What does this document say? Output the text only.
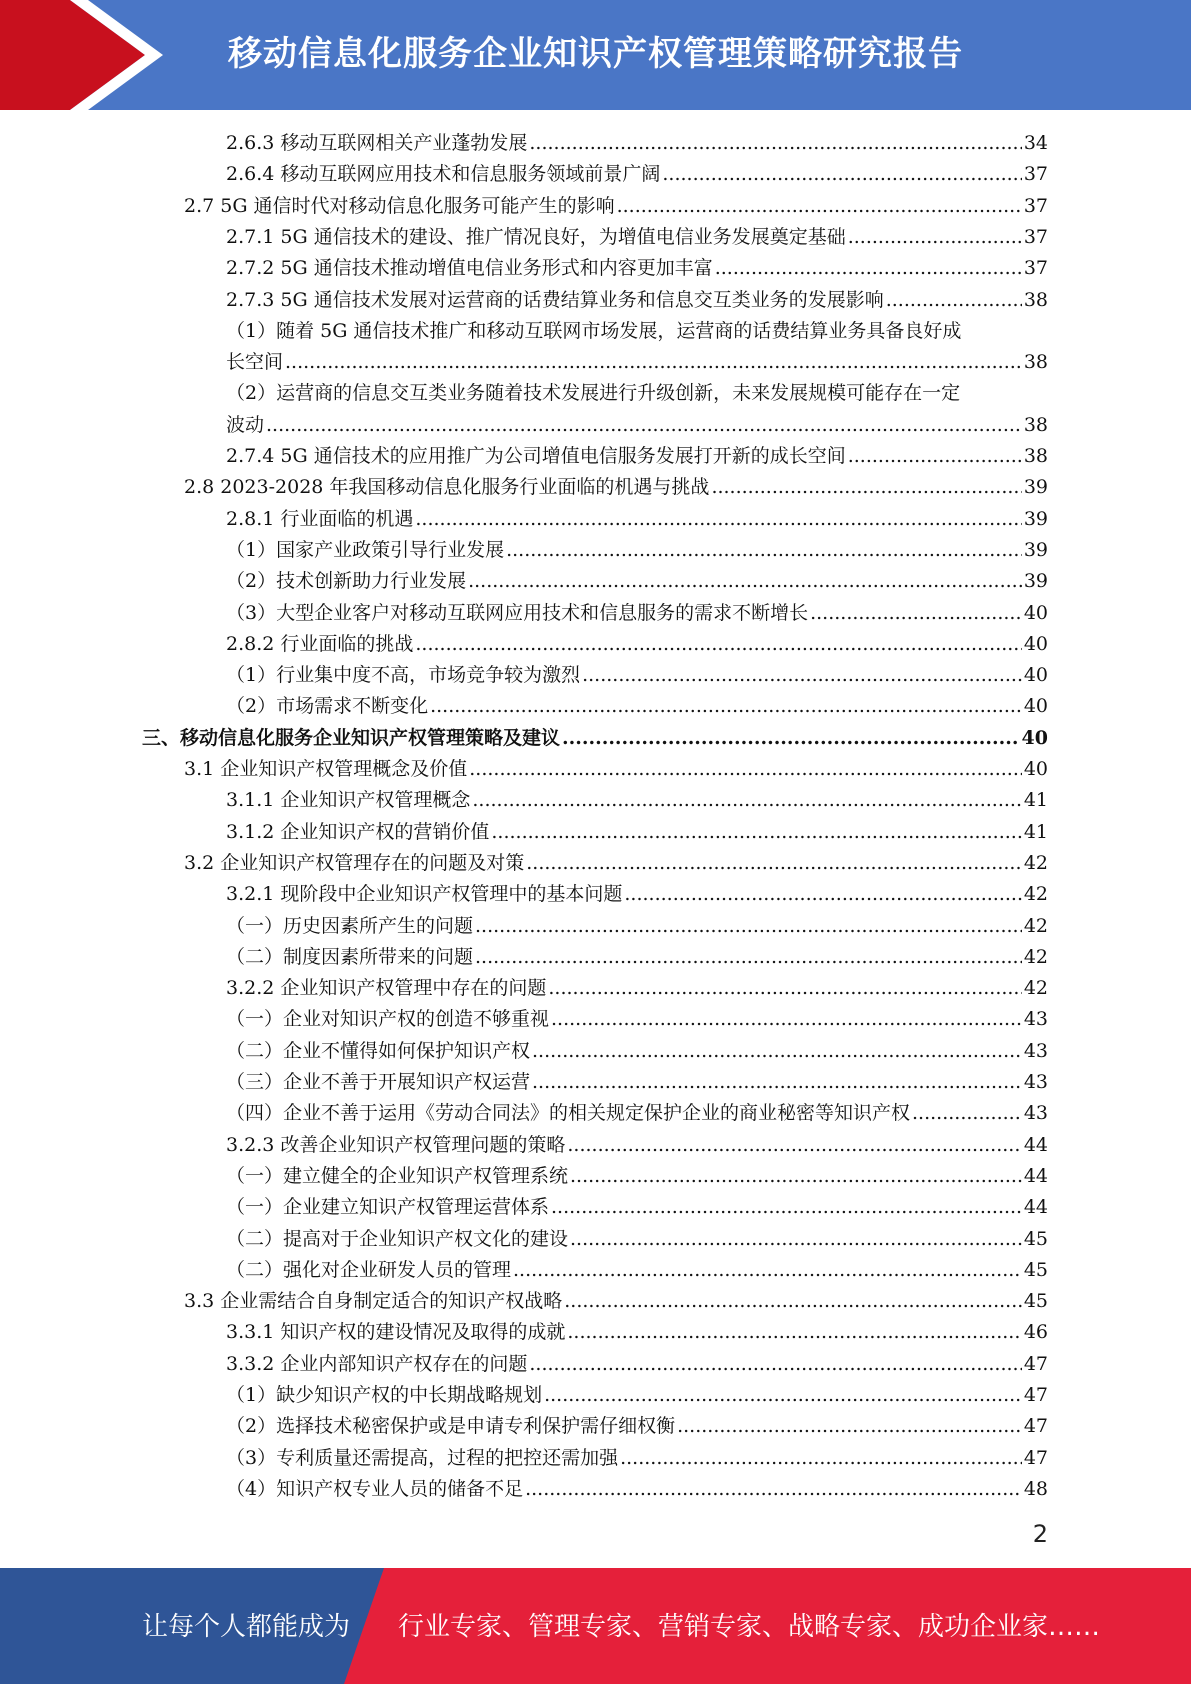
移动信息化服务企业知识产权管理策略研究报告
2.6.3 移动互联网相关产业蓬勃发展 .....	34
2.6.4 移动互联网应用技术和信息服务领域前景广阔 .....	37
2.7 5G 通信时代对移动信息化服务可能产生的影响 .....	37
2.7.1 5G 通信技术的建设、推广情况良好，为增值电信业务发展奠定基础 .....	37
2.7.2 5G 通信技术推动增值电信业务形式和内容更加丰富 .....	37
2.7.3 5G 通信技术发展对运营商的话费结算业务和信息交互类业务的发展影响 .....	38
（1）随着 5G 通信技术推广和移动互联网市场发展，运营商的话费结算业务具备良好成
长空间 .....	38
（2）运营商的信息交互类业务随着技术发展进行升级创新，未来发展规模可能存在一定
波动 .....	38
2.7.4 5G 通信技术的应用推广为公司增值电信服务发展打开新的成长空间 .....	38
2.8 2023-2028 年我国移动信息化服务行业面临的机遇与挑战 .....	39
2.8.1 行业面临的机遇 .....	39
（1）国家产业政策引导行业发展 .....	39
（2）技术创新助力行业发展 .....	39
（3）大型企业客户对移动互联网应用技术和信息服务的需求不断增长 .....	40
2.8.2 行业面临的挑战 .....	40
（1）行业集中度不高，市场竞争较为激烈 .....	40
（2）市场需求不断变化 .....	40
三、移动信息化服务企业知识产权管理策略及建议 .....	40
3.1 企业知识产权管理概念及价值 .....	40
3.1.1 企业知识产权管理概念 .....	41
3.1.2 企业知识产权的营销价值 .....	41
3.2 企业知识产权管理存在的问题及对策 .....	42
3.2.1 现阶段中企业知识产权管理中的基本问题 .....	42
（一）历史因素所产生的问题 .....	42
（二）制度因素所带来的问题 .....	42
3.2.2 企业知识产权管理中存在的问题 .....	42
（一）企业对知识产权的创造不够重视 .....	43
（二）企业不懂得如何保护知识产权 .....	43
（三）企业不善于开展知识产权运营 .....	43
（四）企业不善于运用《劳动合同法》的相关规定保护企业的商业秘密等知识产权 .....	43
3.2.3 改善企业知识产权管理问题的策略 .....	44
（一）建立健全的企业知识产权管理系统 .....	44
（一）企业建立知识产权管理运营体系 .....	44
（二）提高对于企业知识产权文化的建设 .....	45
（二）强化对企业研发人员的管理 .....	45
3.3 企业需结合自身制定适合的知识产权战略 .....	45
3.3.1 知识产权的建设情况及取得的成就 .....	46
3.3.2 企业内部知识产权存在的问题 .....	47
（1）缺少知识产权的中长期战略规划 .....	47
（2）选择技术秘密保护或是申请专利保护需仔细权衡 .....	47
（3）专利质量还需提高，过程的把控还需加强 .....	47
（4）知识产权专业人员的储备不足 .....	48
2
让每个人都能成为 行业专家、管理专家、营销专家、战略专家、成功企业家……
